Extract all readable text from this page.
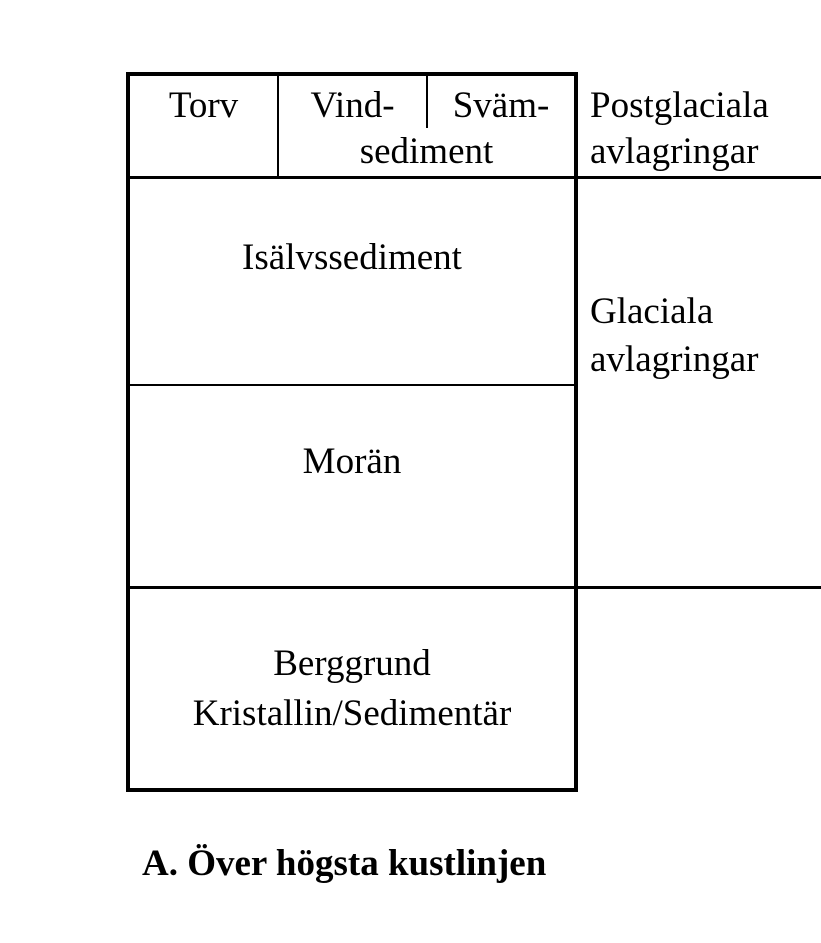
Torv	Vind-	Sväm-
sediment
Isälvssediment
Morän
Berggrund
Kristallin/Sedimentär
Postglaciala
avlagringar
Glaciala
avlagringar
A. Över högsta kustlinjen
